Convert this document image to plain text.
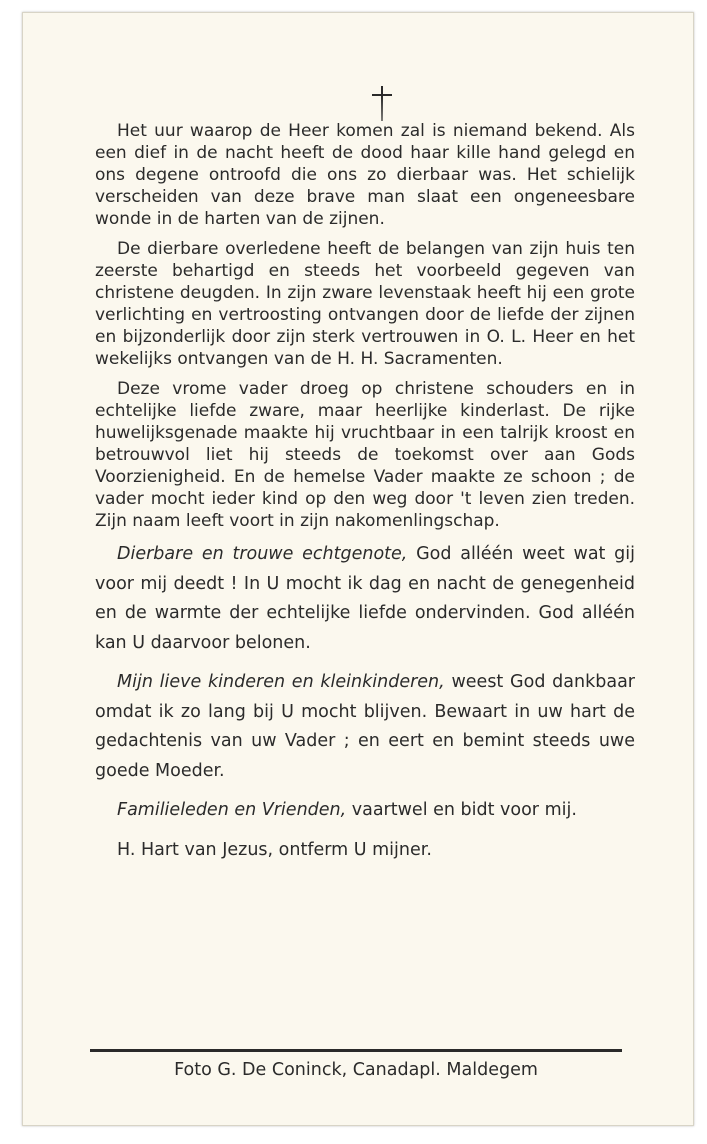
Het uur waarop de Heer komen zal is niemand bekend. Als een dief in de nacht heeft de dood haar kille hand gelegd en ons degene ontroofd die ons zo dierbaar was. Het schielijk verscheiden van deze brave man slaat een ongeneesbare wonde in de harten van de zijnen.

De dierbare overledene heeft de belangen van zijn huis ten zeerste behartigd en steeds het voorbeeld gegeven van christene deugden. In zijn zware levenstaak heeft hij een grote verlichting en vertroosting ontvangen door de liefde der zijnen en bijzonderlijk door zijn sterk vertrouwen in O. L. Heer en het wekelijks ontvangen van de H. H. Sacramenten.

Deze vrome vader droeg op christene schouders en in echtelijke liefde zware, maar heerlijke kinderlast. De rijke huwelijksgenade maakte hij vruchtbaar in een talrijk kroost en betrouwvol liet hij steeds de toekomst over aan Gods Voorzienigheid. En de hemelse Vader maakte ze schoon ; de vader mocht ieder kind op den weg door 't leven zien treden. Zijn naam leeft voort in zijn nakomenlingschap.

Dierbare en trouwe echtgenote, God alléén weet wat gij voor mij deedt ! In U mocht ik dag en nacht de genegenheid en de warmte der echtelijke liefde ondervinden. God alléén kan U daarvoor belonen.

Mijn lieve kinderen en kleinkinderen, weest God dankbaar omdat ik zo lang bij U mocht blijven. Bewaart in uw hart de gedachtenis van uw Vader ; en eert en bemint steeds uwe goede Moeder.

Familieleden en Vrienden, vaartwel en bidt voor mij.

H. Hart van Jezus, ontferm U mijner.

Foto G. De Coninck, Canadapl. Maldegem
